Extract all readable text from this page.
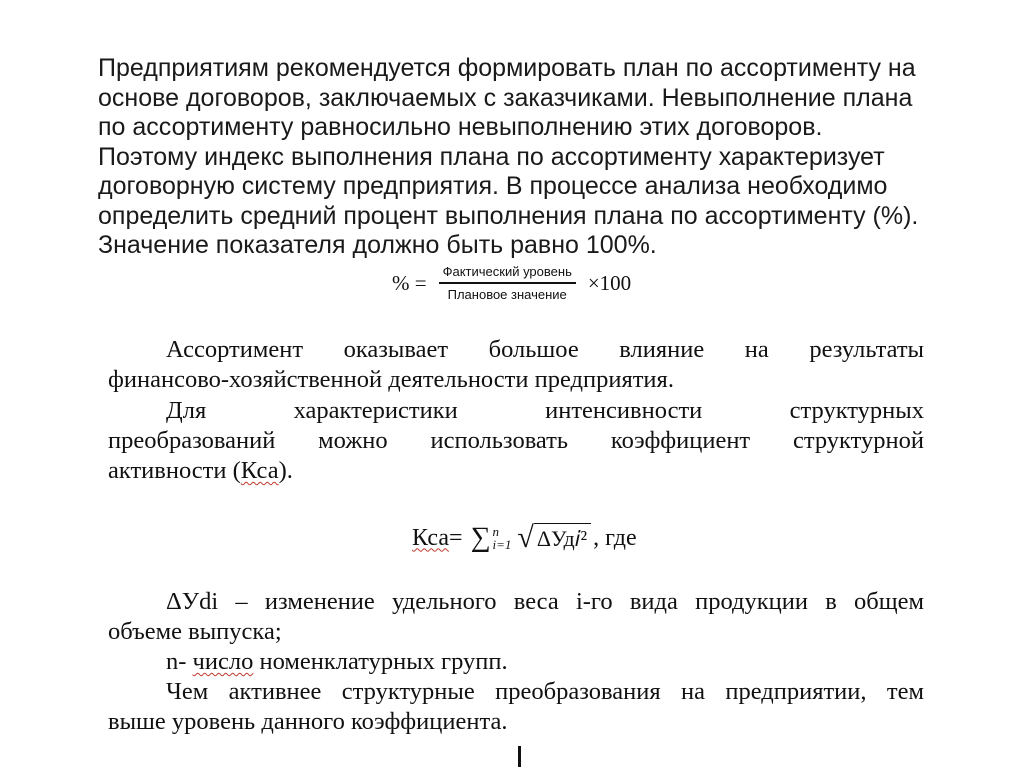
Предприятиям рекомендуется формировать план по ассортименту на
основе договоров, заключаемых с заказчиками. Невыполнение плана
по ассортименту равносильно невыполнению этих договоров.
Поэтому индекс выполнения плана по ассортименту характеризует
договорную систему предприятия. В процессе анализа необходимо
определить средний процент выполнения плана по ассортименту (%).
Значение показателя должно быть равно 100%.
% = $\frac{\text{Фактический уровень}}{\text{Плановое значение}} \times 100$

Ассортимент оказывает большое влияние на результаты

финансово-хозяйственной деятельности предприятия.

Для	характеристики	интенсивности	структурных

преобразований можно использовать коэффициент структурной

активности (Кса).

Кса = ∑ n
i=1 √ ΔУд𝑖² , где

ΔУdі – изменение удельного веса і-го вида продукции в общем

объеме выпуска;

n- число номенклатурных групп.

Чем активнее структурные преобразования на предприятии, тем

выше уровень данного коэффициента.
